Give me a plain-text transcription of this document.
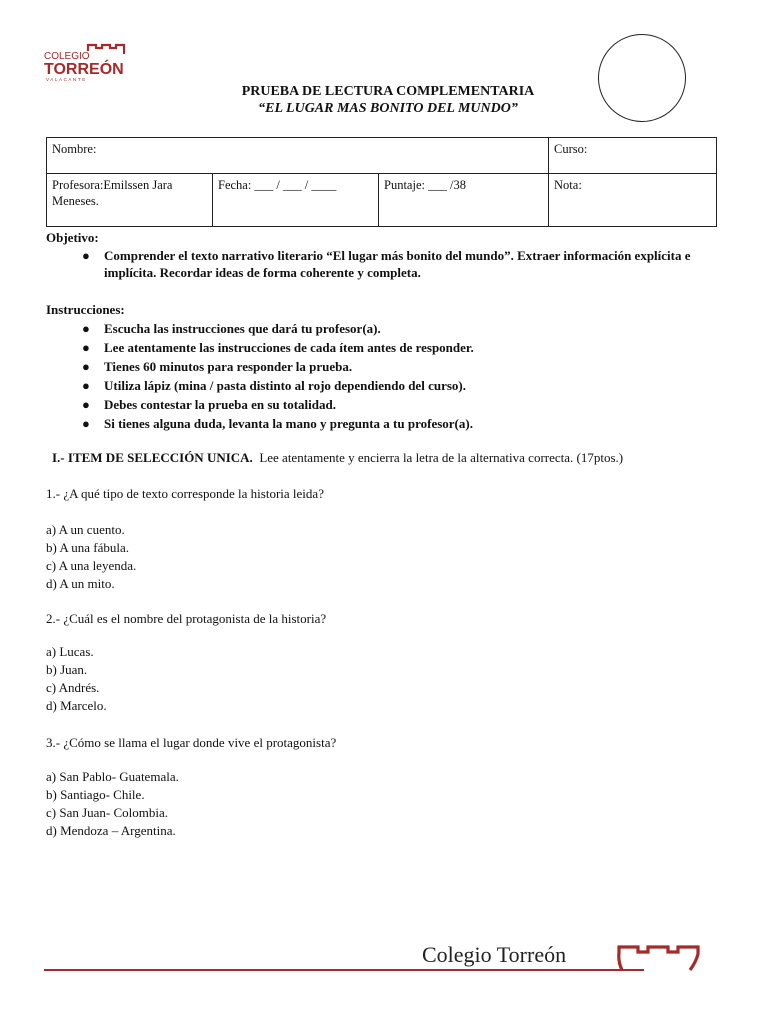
COLEGIO
TORREÓN
VALACANTE
PRUEBA DE LECTURA COMPLEMENTARIA
“EL LUGAR MAS BONITO DEL MUNDO”
Nombre:			Curso:
Profesora:Emilssen Jara Meneses.	Fecha: ___ / ___ / ____	Puntaje: ___ /38	Nota:
Objetivo:
● Comprender el texto narrativo literario “El lugar más bonito del mundo”. Extraer información explícita e implícita. Recordar ideas de forma coherente y completa.
Instrucciones:
● Escucha las instrucciones que dará tu profesor(a).
● Lee atentamente las instrucciones de cada ítem antes de responder.
● Tienes 60 minutos para responder la prueba.
● Utiliza lápiz (mina / pasta distinto al rojo dependiendo del curso).
● Debes contestar la prueba en su totalidad.
● Si tienes alguna duda, levanta la mano y pregunta a tu profesor(a).
I.- ITEM DE SELECCIÓN UNICA. Lee atentamente y encierra la letra de la alternativa correcta. (17ptos.)
1.- ¿A qué tipo de texto corresponde la historia leida?
a) A un cuento.
b) A una fábula.
c) A una leyenda.
d) A un mito.
2.- ¿Cuál es el nombre del protagonista de la historia?
a) Lucas.
b) Juan.
c) Andrés.
d) Marcelo.
3.- ¿Cómo se llama el lugar donde vive el protagonista?
a) San Pablo- Guatemala.
b) Santiago- Chile.
c) San Juan- Colombia.
d) Mendoza – Argentina.
Colegio Torreón
